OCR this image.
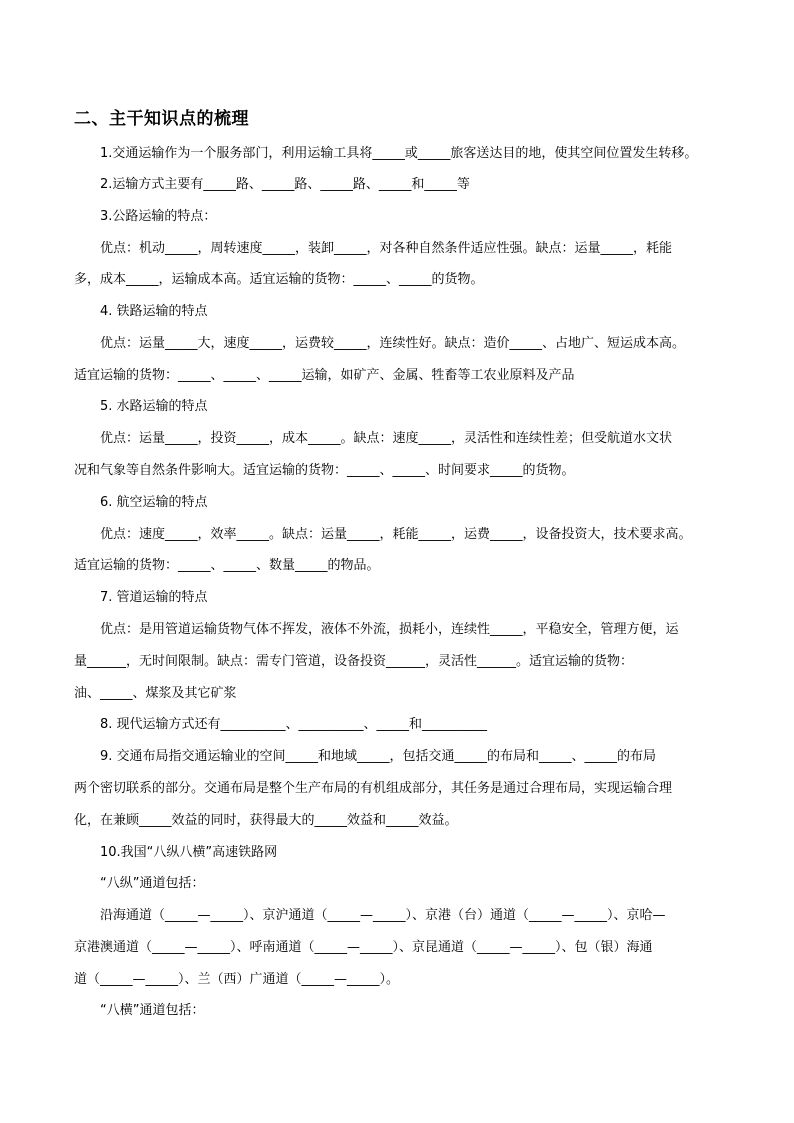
二、主干知识点的梳理
1.交通运输作为一个服务部门，利用运输工具将_____或_____旅客送达目的地，使其空间位置发生转移。
2.运输方式主要有_____路、_____路、_____路、_____和_____等
3.公路运输的特点：
优点：机动_____，周转速度_____，装卸_____，对各种自然条件适应性强。缺点：运量_____，耗能
多，成本_____，运输成本高。适宜运输的货物：_____、_____的货物。
4. 铁路运输的特点
优点：运量_____大，速度_____，运费较_____，连续性好。缺点：造价_____、占地广、短运成本高。
适宜运输的货物：_____、_____、_____运输，如矿产、金属、牲畜等工农业原料及产品
5. 水路运输的特点
优点：运量_____，投资_____，成本_____。缺点：速度_____，灵活性和连续性差；但受航道水文状
况和气象等自然条件影响大。适宜运输的货物：_____、_____、时间要求_____的货物。
6. 航空运输的特点
优点：速度_____，效率_____。缺点：运量_____，耗能_____，运费_____，设备投资大，技术要求高。
适宜运输的货物：_____、_____、数量_____的物品。
7. 管道运输的特点
优点：是用管道运输货物气体不挥发，液体不外流，损耗小，连续性_____，平稳安全，管理方便，运
量______，无时间限制。缺点：需专门管道，设备投资______，灵活性______。适宜运输的货物：
油、_____、煤浆及其它矿浆
8. 现代运输方式还有__________、__________、_____和__________
9. 交通布局指交通运输业的空间_____和地域_____，包括交通_____的布局和_____、_____的布局
两个密切联系的部分。交通布局是整个生产布局的有机组成部分，其任务是通过合理布局，实现运输合理
化，在兼顾_____效益的同时，获得最大的_____效益和_____效益。
10.我国“八纵八横”高速铁路网
“八纵”通道包括：
沿海通道（_____—_____）、京沪通道（_____—_____）、京港（台）通道（_____—_____）、京哈—
京港澳通道（_____—_____）、呼南通道（_____—_____）、京昆通道（_____—_____）、包（银）海通
道（_____—_____）、兰（西）广通道（_____—_____）。
“八横”通道包括：
